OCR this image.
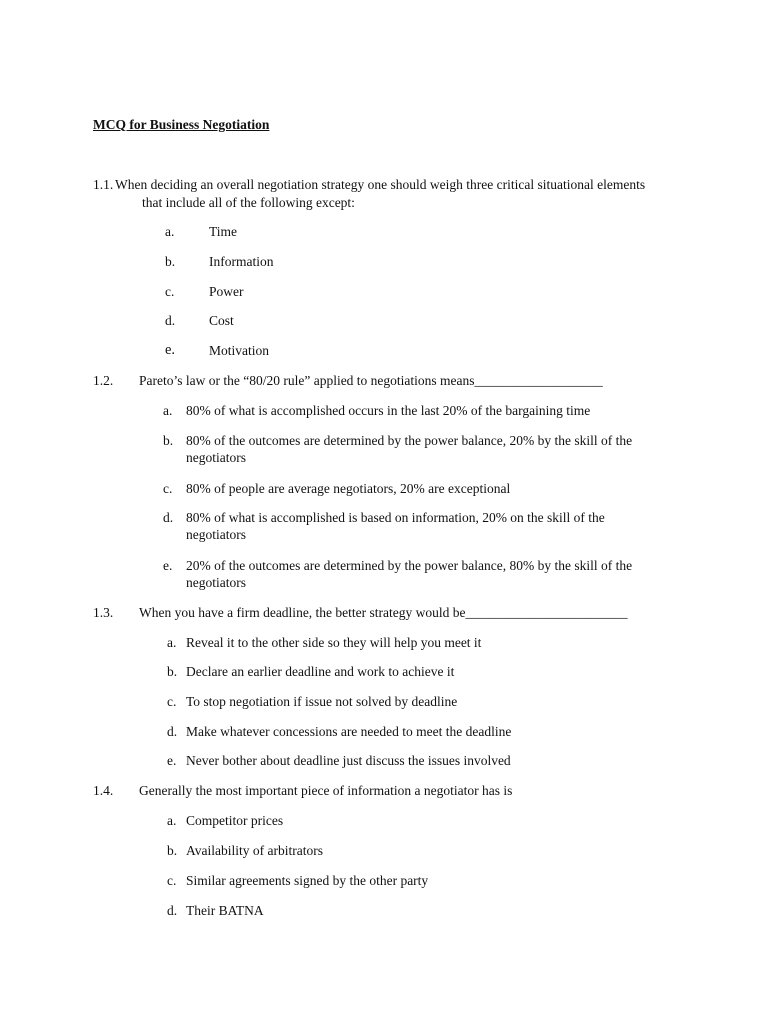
MCQ for Business Negotiation
1.1. When deciding an overall negotiation strategy one should weigh three critical situational elements
that include all of the following except:
a.	Time
b.	Information
c.	Power
d.	Cost
e.	Motivation
1.2. Pareto’s law or the “80/20 rule” applied to negotiations means___________________
a. 80% of what is accomplished occurs in the last 20% of the bargaining time
b. 80% of the outcomes are determined by the power balance, 20% by the skill of the
negotiators
c. 80% of people are average negotiators, 20% are exceptional
d. 80% of what is accomplished is based on information, 20% on the skill of the
negotiators
e. 20% of the outcomes are determined by the power balance, 80% by the skill of the
negotiators
1.3. When you have a firm deadline, the better strategy would be________________________
a. Reveal it to the other side so they will help you meet it
b. Declare an earlier deadline and work to achieve it
c. To stop negotiation if issue not solved by deadline
d. Make whatever concessions are needed to meet the deadline
e. Never bother about deadline just discuss the issues involved
1.4. Generally the most important piece of information a negotiator has is
a. Competitor prices
b. Availability of arbitrators
c. Similar agreements signed by the other party
d. Their BATNA
